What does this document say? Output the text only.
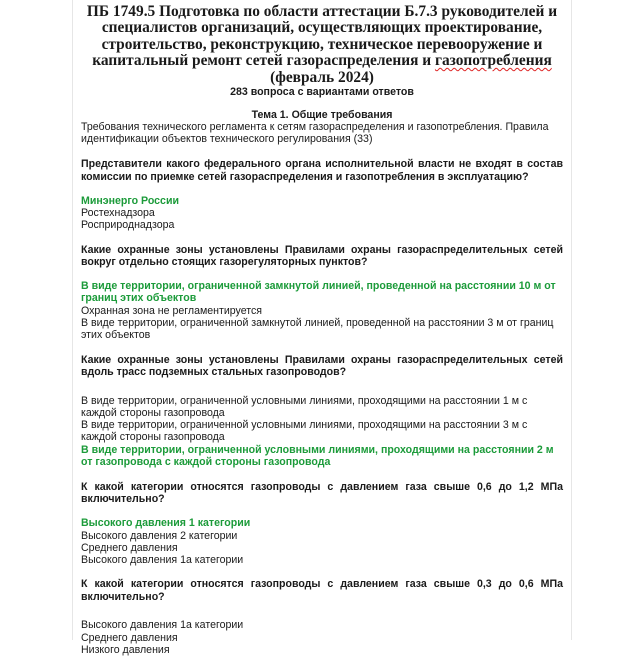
ПБ 1749.5 Подготовка по области аттестации Б.7.3 руководителей и специалистов организаций, осуществляющих проектирование, строительство, реконструкцию, техническое перевооружение и капитальный ремонт сетей газораспределения и газопотребления (февраль 2024)

283 вопроса с вариантами ответов

Тема 1. Общие требования

Требования технического регламента к сетям газораспределения и газопотребления. Правила идентификации объектов технического регулирования (33)

Представители какого федерального органа исполнительной власти не входят в состав комиссии по приемке сетей газораспределения и газопотребления в эксплуатацию?

Минэнерго России
Ростехнадзора
Росприроднадзора

Какие охранные зоны установлены Правилами охраны газораспределительных сетей вокруг отдельно стоящих газорегуляторных пунктов?

В виде территории, ограниченной замкнутой линией, проведенной на расстоянии 10 м от границ этих объектов
Охранная зона не регламентируется
В виде территории, ограниченной замкнутой линией, проведенной на расстоянии 3 м от границ этих объектов

Какие охранные зоны установлены Правилами охраны газораспределительных сетей вдоль трасс подземных стальных газопроводов?

В виде территории, ограниченной условными линиями, проходящими на расстоянии 1 м с каждой стороны газопровода
В виде территории, ограниченной условными линиями, проходящими на расстоянии 3 м с каждой стороны газопровода
В виде территории, ограниченной условными линиями, проходящими на расстоянии 2 м от газопровода с каждой стороны газопровода

К какой категории относятся газопроводы с давлением газа свыше 0,6 до 1,2 МПа включительно?

Высокого давления 1 категории
Высокого давления 2 категории
Среднего давления
Высокого давления 1а категории

К какой категории относятся газопроводы с давлением газа свыше 0,3 до 0,6 МПа включительно?

Высокого давления 1а категории
Среднего давления
Низкого давления
